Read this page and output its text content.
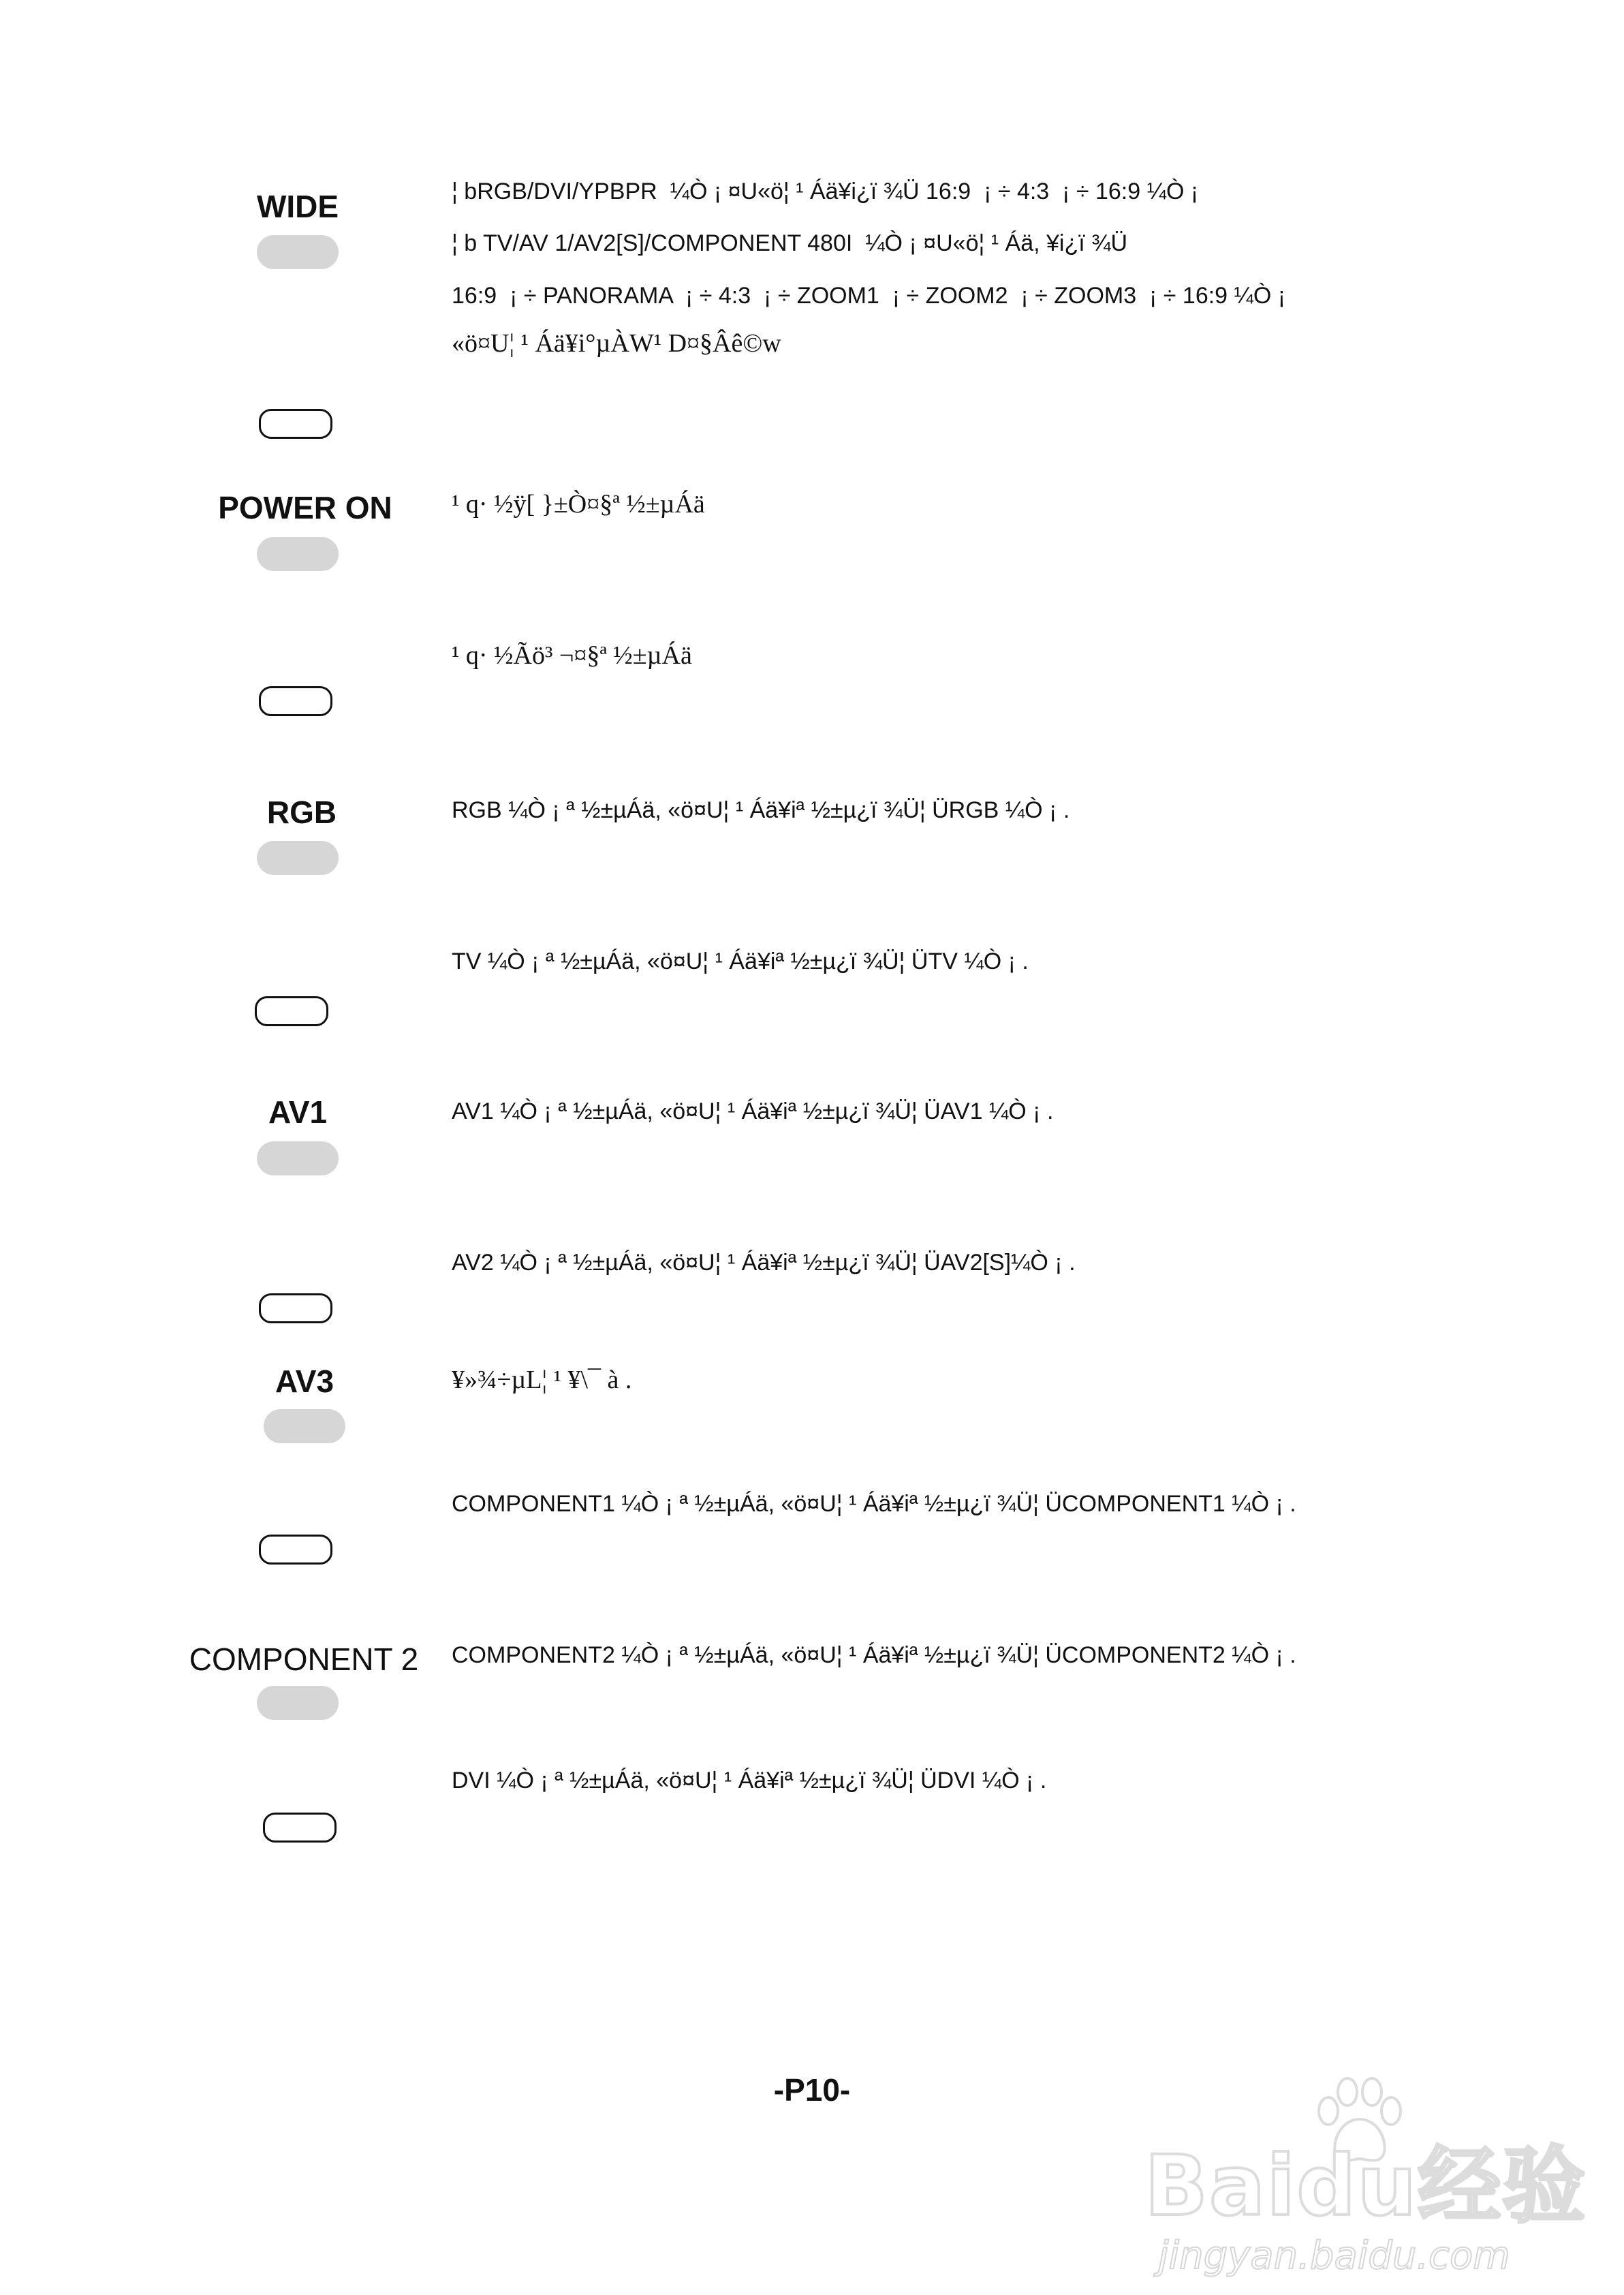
WIDE	¦ bRGB/DVI/YPBPR  ¼Ò ¡ ¤U«ö¦ ¹ Áä¥i¿ï ¾Ü 16:9  ¡ ÷ 4:3  ¡ ÷ 16:9 ¼Ò ¡
¦ b TV/AV 1/AV2[S]/COMPONENT 480I  ¼Ò ¡ ¤U«ö¦ ¹ Áä, ¥i¿ï ¾Ü
16:9  ¡ ÷ PANORAMA  ¡ ÷ 4:3  ¡ ÷ ZOOM1  ¡ ÷ ZOOM2  ¡ ÷ ZOOM3  ¡ ÷ 16:9 ¼Ò ¡
«ö¤U¦ ¹ Áä¥i°µÀW¹ D¤§Âê©w
POWER ON	¹ q· ½ÿ[ }±Ò¤§ª ½±µÁä
¹ q· ½Ãö³ ¬¤§ª ½±µÁä
RGB	RGB ¼Ò ¡ ª ½±µÁä, «ö¤U¦ ¹ Áä¥iª ½±µ¿ï ¾Ü¦ ÜRGB ¼Ò ¡ .
TV ¼Ò ¡ ª ½±µÁä, «ö¤U¦ ¹ Áä¥iª ½±µ¿ï ¾Ü¦ ÜTV ¼Ò ¡ .
AV1	AV1 ¼Ò ¡ ª ½±µÁä, «ö¤U¦ ¹ Áä¥iª ½±µ¿ï ¾Ü¦ ÜAV1 ¼Ò ¡ .
AV2 ¼Ò ¡ ª ½±µÁä, «ö¤U¦ ¹ Áä¥iª ½±µ¿ï ¾Ü¦ ÜAV2[S]¼Ò ¡ .
AV3	¥»¾÷µL¦ ¹ ¥\¯ à .
COMPONENT1 ¼Ò ¡ ª ½±µÁä, «ö¤U¦ ¹ Áä¥iª ½±µ¿ï ¾Ü¦ ÜCOMPONENT1 ¼Ò ¡ .
COMPONENT 2	COMPONENT2 ¼Ò ¡ ª ½±µÁä, «ö¤U¦ ¹ Áä¥iª ½±µ¿ï ¾Ü¦ ÜCOMPONENT2 ¼Ò ¡ .
DVI ¼Ò ¡ ª ½±µÁä, «ö¤U¦ ¹ Áä¥iª ½±µ¿ï ¾Ü¦ ÜDVI ¼Ò ¡ .
-P10-
Baidu经验
jingyan.baidu.com
